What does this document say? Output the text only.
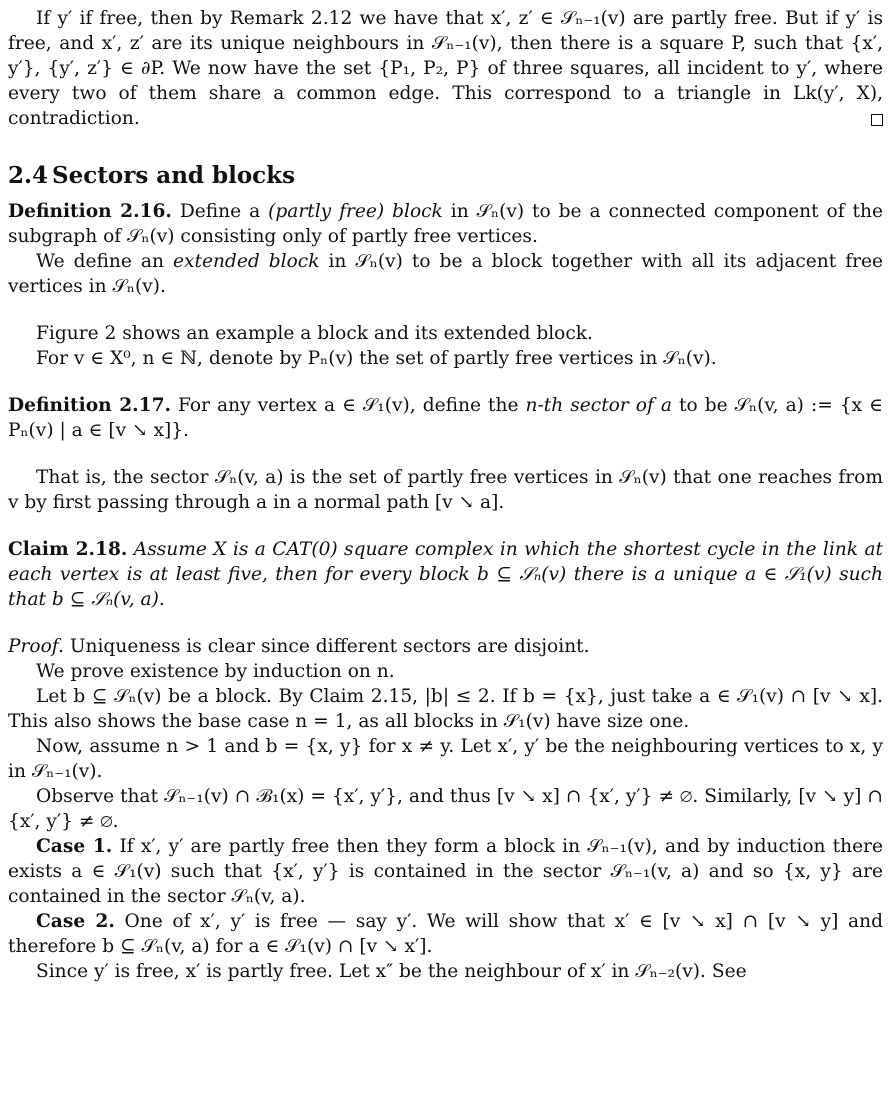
If y′ if free, then by Remark 2.12 we have that x′, z′ ∈ 𝒮ₙ₋₁(v) are partly free. But if y′ is free, and x′, z′ are its unique neighbours in 𝒮ₙ₋₁(v), then there is a square P, such that {x′, y′}, {y′, z′} ∈ ∂P. We now have the set {P₁, P₂, P} of three squares, all incident to y′, where every two of them share a common edge. This correspond to a triangle in Lk(y′, X), contradiction.

2.4 Sectors and blocks

Definition 2.16. Define a (partly free) block in 𝒮ₙ(v) to be a connected component of the subgraph of 𝒮ₙ(v) consisting only of partly free vertices.

We define an extended block in 𝒮ₙ(v) to be a block together with all its adjacent free vertices in 𝒮ₙ(v).

Figure 2 shows an example a block and its extended block.

For v ∈ X⁰, n ∈ ℕ, denote by Pₙ(v) the set of partly free vertices in 𝒮ₙ(v).

Definition 2.17. For any vertex a ∈ 𝒮₁(v), define the n-th sector of a to be 𝒮ₙ(v, a) := {x ∈ Pₙ(v) | a ∈ [v ↘ x]}.

That is, the sector 𝒮ₙ(v, a) is the set of partly free vertices in 𝒮ₙ(v) that one reaches from v by first passing through a in a normal path [v ↘ a].

Claim 2.18. Assume X is a CAT(0) square complex in which the shortest cycle in the link at each vertex is at least five, then for every block b ⊆ 𝒮ₙ(v) there is a unique a ∈ 𝒮₁(v) such that b ⊆ 𝒮ₙ(v, a).

Proof. Uniqueness is clear since different sectors are disjoint.

We prove existence by induction on n.

Let b ⊆ 𝒮ₙ(v) be a block. By Claim 2.15, |b| ≤ 2. If b = {x}, just take a ∈ 𝒮₁(v) ∩ [v ↘ x]. This also shows the base case n = 1, as all blocks in 𝒮₁(v) have size one.

Now, assume n > 1 and b = {x, y} for x ≠ y. Let x′, y′ be the neighbouring vertices to x, y in 𝒮ₙ₋₁(v).

Observe that 𝒮ₙ₋₁(v) ∩ ℬ₁(x) = {x′, y′}, and thus [v ↘ x] ∩ {x′, y′} ≠ ∅. Similarly, [v ↘ y] ∩ {x′, y′} ≠ ∅.

Case 1. If x′, y′ are partly free then they form a block in 𝒮ₙ₋₁(v), and by induction there exists a ∈ 𝒮₁(v) such that {x′, y′} is contained in the sector 𝒮ₙ₋₁(v, a) and so {x, y} are contained in the sector 𝒮ₙ(v, a).

Case 2. One of x′, y′ is free — say y′. We will show that x′ ∈ [v ↘ x] ∩ [v ↘ y] and therefore b ⊆ 𝒮ₙ(v, a) for a ∈ 𝒮₁(v) ∩ [v ↘ x′].

Since y′ is free, x′ is partly free. Let x″ be the neighbour of x′ in 𝒮ₙ₋₂(v). See
